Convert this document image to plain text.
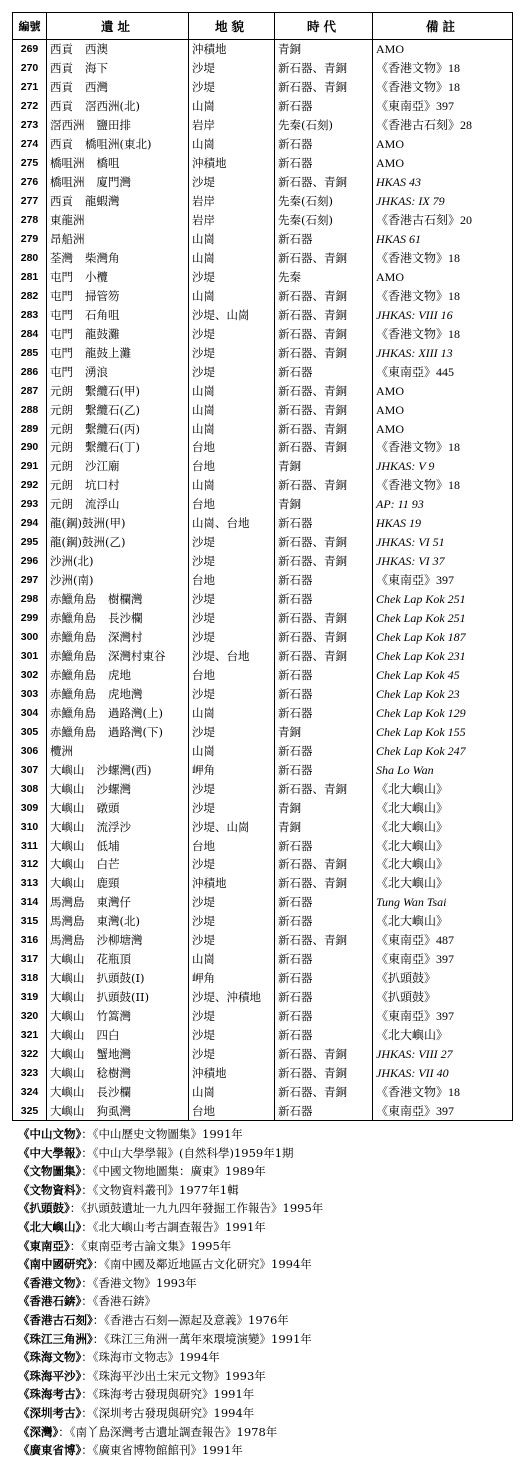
編號	遺址	地貌	時代	備註
269	西貢 西澳	沖積地	青銅	AMO
270	西貢 海下	沙堤	新石器、青銅	《香港文物》18
271	西貢 西灣	沙堤	新石器、青銅	《香港文物》18
272	西貢 滘西洲(北)	山崗	新石器	《東南亞》397
273	滘西洲 鹽田排	岩岸	先秦(石刻)	《香港古石刻》28
274	西貢 橋咀洲(東北)	山崗	新石器	AMO
275	橋咀洲 橋咀	沖積地	新石器	AMO
276	橋咀洲 廈門灣	沙堤	新石器、青銅	HKAS 43
277	西貢 龍蝦灣	岩岸	先秦(石刻)	JHKAS: IX 79
278	東龍洲	岩岸	先秦(石刻)	《香港古石刻》20
279	昂船洲	山崗	新石器	HKAS 61
280	荃灣 柴灣角	山崗	新石器、青銅	《香港文物》18
281	屯門 小欖	沙堤	先秦	AMO
282	屯門 掃管笏	山崗	新石器、青銅	《香港文物》18
283	屯門 石角咀	沙堤、山崗	新石器、青銅	JHKAS: VIII 16
284	屯門 龍鼓灘	沙堤	新石器、青銅	《香港文物》18
285	屯門 龍鼓上灘	沙堤	新石器、青銅	JHKAS: XIII 13
286	屯門 湧浪	沙堤	新石器	《東南亞》445
287	元朗 繫纜石(甲)	山崗	新石器、青銅	AMO
288	元朗 繫纜石(乙)	山崗	新石器、青銅	AMO
289	元朗 繫纜石(丙)	山崗	新石器、青銅	AMO
290	元朗 繫纜石(丁)	台地	新石器、青銅	《香港文物》18
291	元朗 沙江廟	台地	青銅	JHKAS: V 9
292	元朗 坑口村	山崗	新石器、青銅	《香港文物》18
293	元朗 流浮山	台地	青銅	AP: 11 93
294	龍(鋼)鼓洲(甲)	山崗、台地	新石器	HKAS 19
295	龍(鋼)鼓洲(乙)	沙堤	新石器、青銅	JHKAS: VI 51
296	沙洲(北)	沙堤	新石器、青銅	JHKAS: VI 37
297	沙洲(南)	台地	新石器	《東南亞》397
298	赤鱲角島 樹欄灣	沙堤	新石器	Chek Lap Kok 251
299	赤鱲角島 長沙欄	沙堤	新石器、青銅	Chek Lap Kok 251
300	赤鱲角島 深灣村	沙堤	新石器、青銅	Chek Lap Kok 187
301	赤鱲角島 深灣村東谷	沙堤、台地	新石器、青銅	Chek Lap Kok 231
302	赤鱲角島 虎地	台地	新石器	Chek Lap Kok 45
303	赤鱲角島 虎地灣	沙堤	新石器	Chek Lap Kok 23
304	赤鱲角島 過路灣(上)	山崗	新石器	Chek Lap Kok 129
305	赤鱲角島 過路灣(下)	沙堤	青銅	Chek Lap Kok 155
306	欖洲	山崗	新石器	Chek Lap Kok 247
307	大嶼山 沙螺灣(西)	岬角	新石器	Sha Lo Wan
308	大嶼山 沙螺灣	沙堤	新石器、青銅	《北大嶼山》
309	大嶼山 礅頭	沙堤	青銅	《北大嶼山》
310	大嶼山 流浮沙	沙堤、山崗	青銅	《北大嶼山》
311	大嶼山 低埔	台地	新石器	《北大嶼山》
312	大嶼山 白芒	沙堤	新石器、青銅	《北大嶼山》
313	大嶼山 鹿頸	沖積地	新石器、青銅	《北大嶼山》
314	馬灣島 東灣仔	沙堤	新石器	Tung Wan Tsai
315	馬灣島 東灣(北)	沙堤	新石器	《北大嶼山》
316	馬灣島 沙柳塘灣	沙堤	新石器、青銅	《東南亞》487
317	大嶼山 花瓶頂	山崗	新石器	《東南亞》397
318	大嶼山 扒頭鼓(I)	岬角	新石器	《扒頭鼓》
319	大嶼山 扒頭鼓(II)	沙堤、沖積地	新石器	《扒頭鼓》
320	大嶼山 竹篙灣	沙堤	新石器	《東南亞》397
321	大嶼山 四白	沙堤	新石器	《北大嶼山》
322	大嶼山 蟹地灣	沙堤	新石器、青銅	JHKAS: VIII 27
323	大嶼山 稔樹灣	沖積地	新石器、青銅	JHKAS: VII 40
324	大嶼山 長沙欄	山崗	新石器、青銅	《香港文物》18
325	大嶼山 狗虱灣	台地	新石器	《東南亞》397
《中山文物》：《中山歷史文物圖集》1991年
《中大學報》：《中山大學學報》(自然科學)1959年1期
《文物圖集》：《中國文物地圖集：廣東》1989年
《文物資料》：《文物資料叢刊》1977年1輯
《扒頭鼓》：《扒頭鼓遺址一九九四年發掘工作報告》1995年
《北大嶼山》：《北大嶼山考古調查報告》1991年
《東南亞》：《東南亞考古論文集》1995年
《南中國研究》：《南中國及鄰近地區古文化研究》1994年
《香港文物》：《香港文物》1993年
《香港石錛》：《香港石錛》
《香港古石刻》：《香港古石刻—源起及意義》1976年
《珠江三角洲》：《珠江三角洲一萬年來環境演變》1991年
《珠海文物》：《珠海市文物志》1994年
《珠海平沙》：《珠海平沙出土宋元文物》1993年
《珠海考古》：《珠海考古發現與研究》1991年
《深圳考古》：《深圳考古發現與研究》1994年
《深灣》：《南丫島深灣考古遺址調查報告》1978年
《廣東省博》：《廣東省博物館館刊》1991年
